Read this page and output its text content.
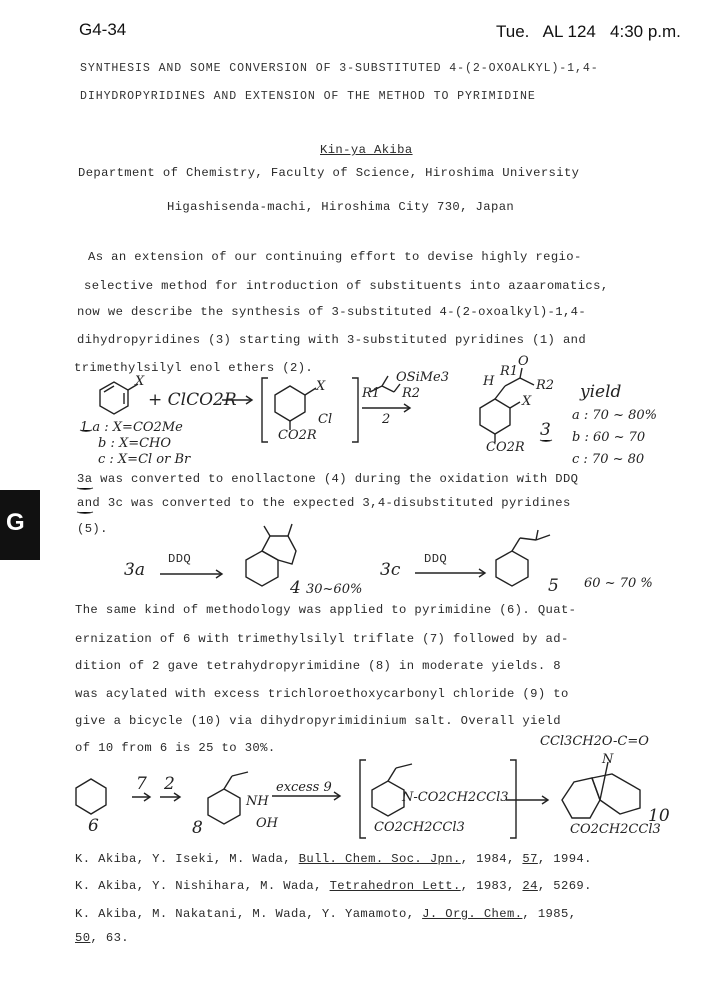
G4-34	Tue.   AL 124   4:30 p.m.
G
SYNTHESIS AND SOME CONVERSION OF 3-SUBSTITUTED 4-(2-OXOALKYL)-1,4-
DIHYDROPYRIDINES AND EXTENSION OF THE METHOD TO PYRIMIDINE
Kin-ya Akiba
Department of Chemistry, Faculty of Science, Hiroshima University
Higashisenda-machi, Hiroshima City 730, Japan
As an extension of our continuing effort to devise highly regio-
selective method for introduction of substituents into azaaromatics,
now we describe the synthesis of 3-substituted 4-(2-oxoalkyl)-1,4-
dihydropyridines (3) starting with 3-substituted pyridines (1) and
trimethylsilyl enol ethers (2).
X
+ ClCO2R
X
Cl
CO2R
R1
OSiMe3
R2
2
H
R1
O
R2
X
CO2R
3
1 a : X=CO2Me
b : X=CHO
c : X=Cl or Br
yield
a : 70 ~ 80%
b : 60 ~ 70
c : 70 ~ 80
3a was converted to enollactone (4) during the oxidation with DDQ
and 3c was converted to the expected 3,4-disubstituted pyridines
(5).
3a
DDQ
4 30~60%
3c
DDQ
5 60 ~ 70 %
The same kind of methodology was applied to pyrimidine (6). Quat-
ernization of 6 with trimethylsilyl triflate (7) followed by ad-
dition of 2 gave tetrahydropyrimidine (8) in moderate yields. 8
was acylated with excess trichloroethoxycarbonyl chloride (9) to
give a bicycle (10) via dihydropyrimidinium salt. Overall yield
of 10 from 6 is 25 to 30%.
6
7 2
NH
OH
8
excess 9
N-CO2CH2CCl3
CO2CH2CCl3
CCl3CH2O-C=O
N
CO2CH2CCl3
10
K. Akiba, Y. Iseki, M. Wada, Bull. Chem. Soc. Jpn., 1984, 57, 1994.
K. Akiba, Y. Nishihara, M. Wada, Tetrahedron Lett., 1983, 24, 5269.
K. Akiba, M. Nakatani, M. Wada, Y. Yamamoto, J. Org. Chem., 1985,
50, 63.
